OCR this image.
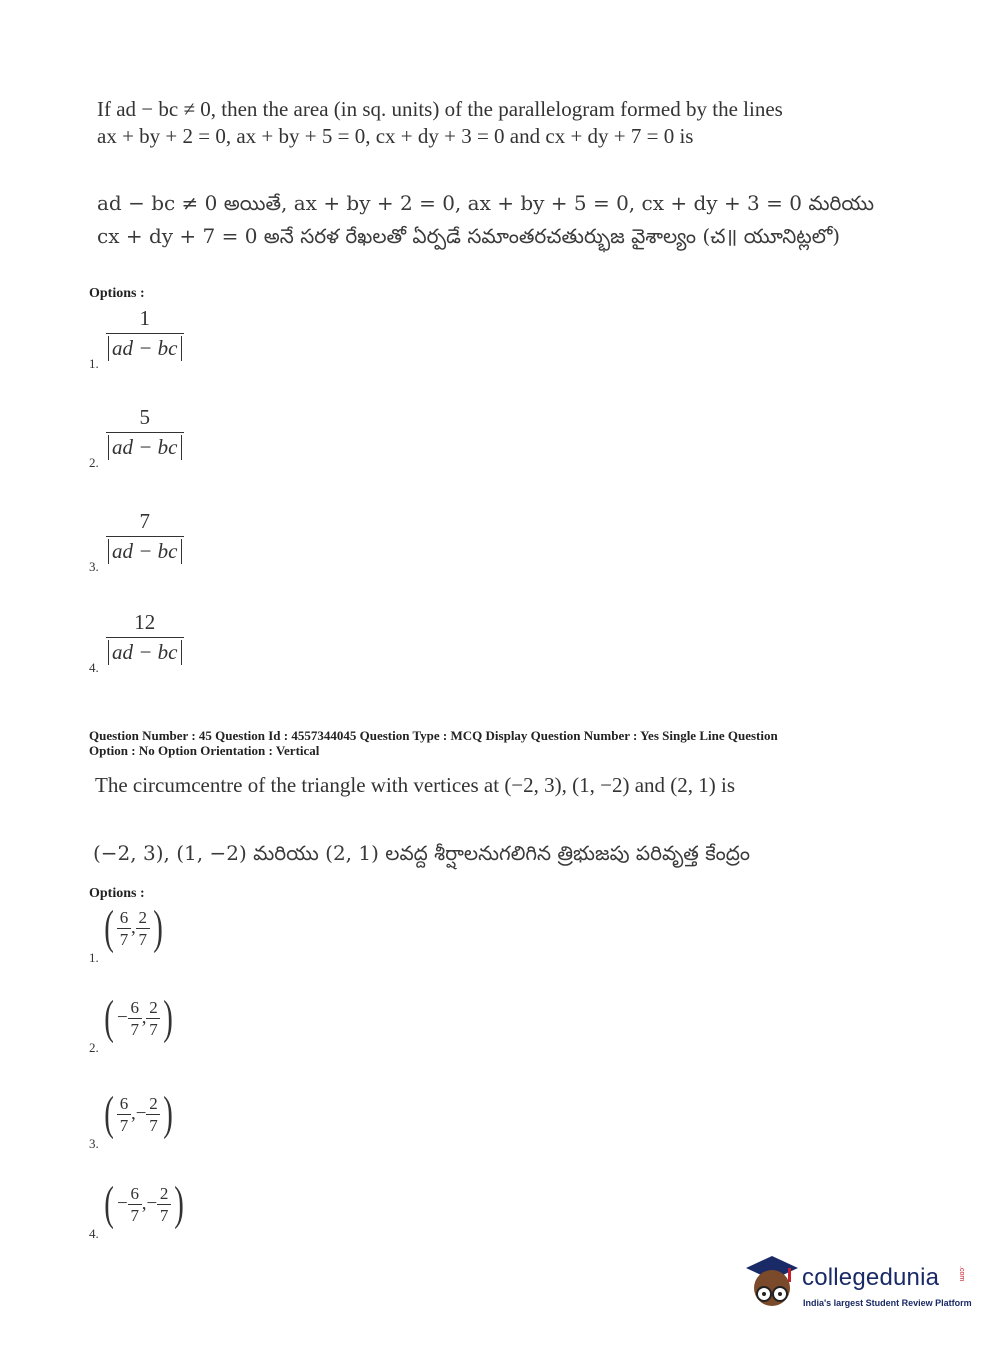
If ad − bc ≠ 0, then the area (in sq. units) of the parallelogram formed by the lines
ax + by + 2 = 0, ax + by + 5 = 0, cx + dy + 3 = 0 and cx + dy + 7 = 0 is
ad − bc ≠ 0 అయితే, ax + by + 2 = 0, ax + by + 5 = 0, cx + dy + 3 = 0 మరియు
cx + dy + 7 = 0 అనే సరళ రేఖలతో ఏర్పడే సమాంతరచతుర్భుజ వైశాల్యం (చ॥ యూనిట్లలో)
Options :
1.
$\frac{1}{ad - bc}$
2.
$\frac{5}{ad - bc}$
3.
$\frac{7}{ad - bc}$
4.
$\frac{12}{ad - bc}$
Question Number : 45 Question Id : 4557344045 Question Type : MCQ Display Question Number : Yes Single Line Question
Option : No Option Orientation : Vertical
The circumcentre of the triangle with vertices at (−2, 3), (1, −2) and (2, 1) is
(−2, 3), (1, −2) మరియు (2, 1) లవద్ద శీర్షాలనుగలిగిన త్రిభుజపు పరివృత్త కేంద్రం
Options :
1.
( $\frac{6}{7}$ , $\frac{2}{7}$ )
2.
( − $\frac{6}{7}$ , $\frac{2}{7}$ )
3.
( $\frac{6}{7}$ , − $\frac{2}{7}$ )
4.
( − $\frac{6}{7}$ , − $\frac{2}{7}$ )
collegedunia	.com
India's largest Student Review Platform
